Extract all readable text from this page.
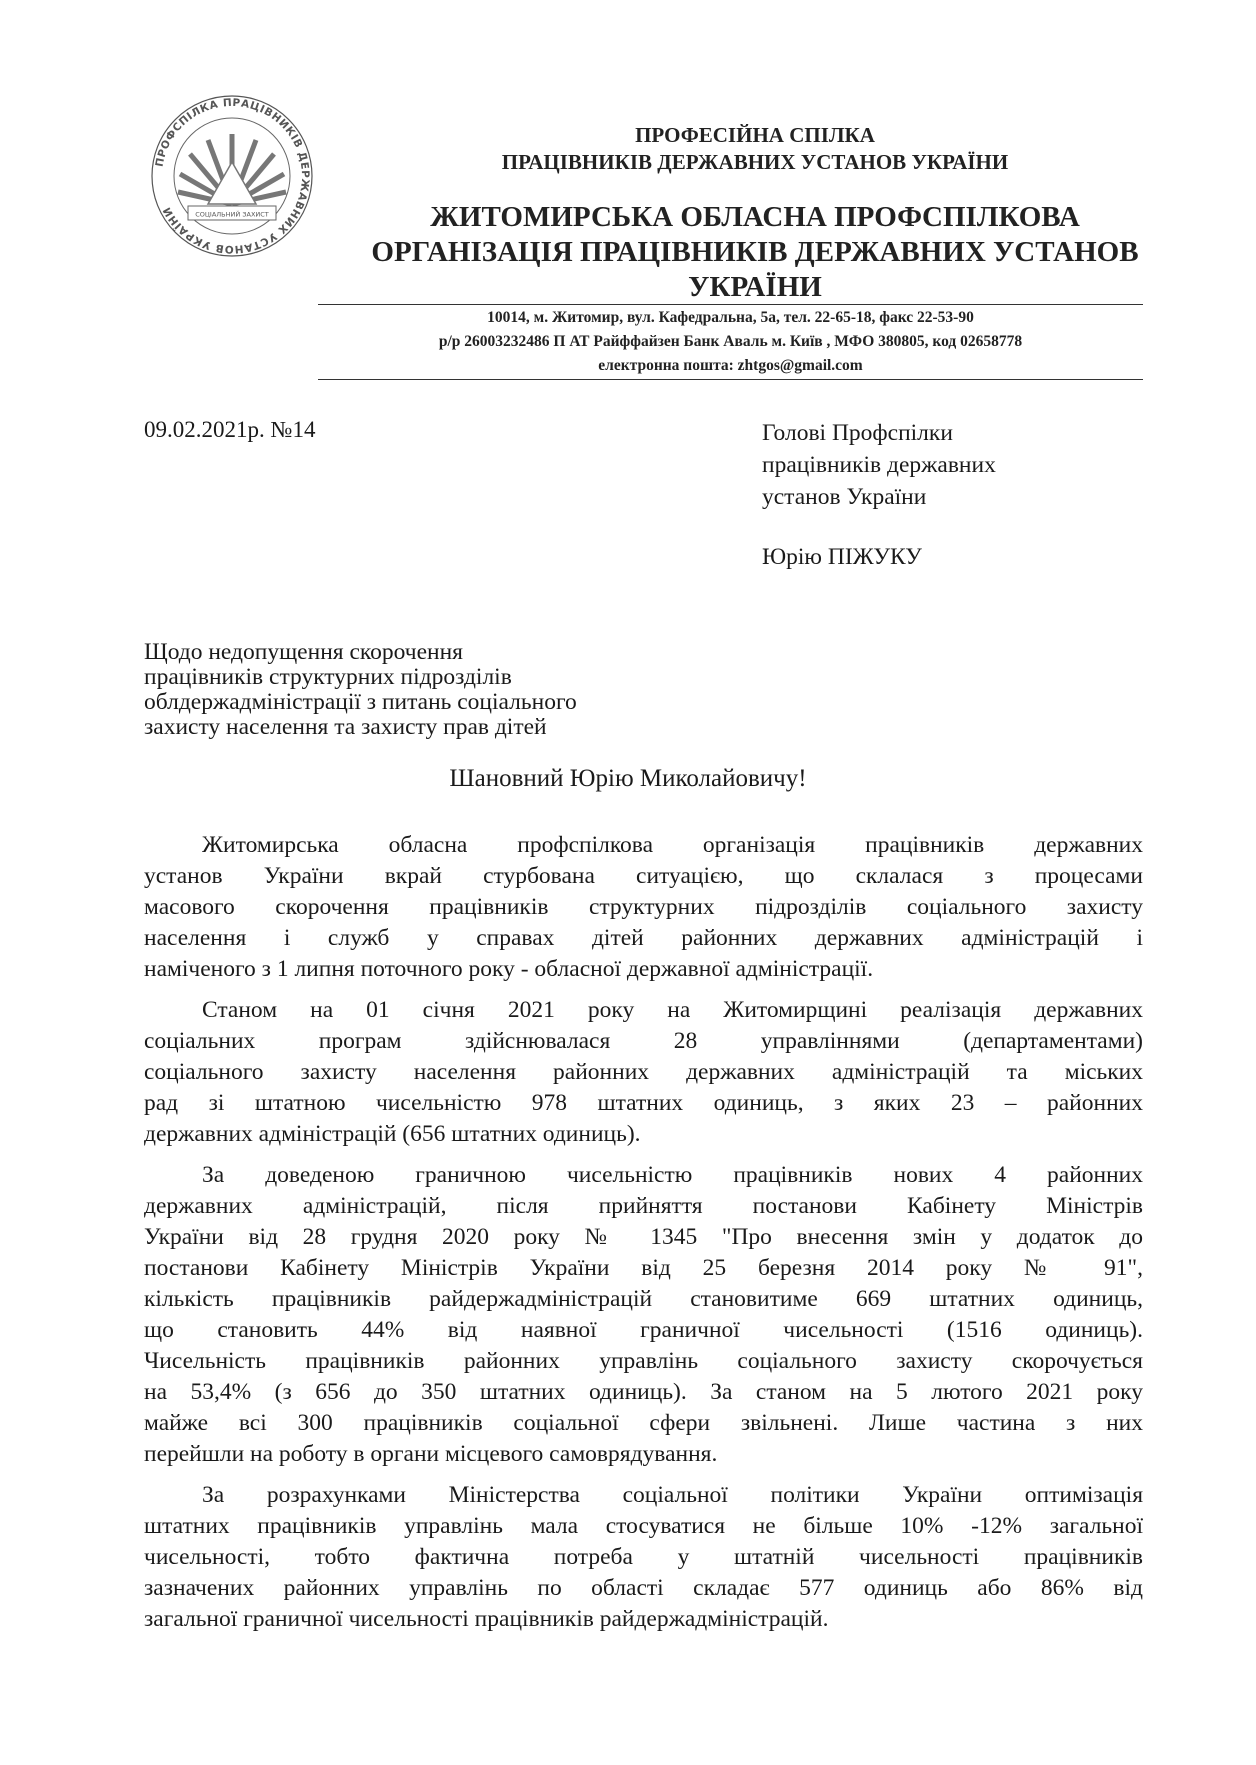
ПРОФСПІЛКА ПРАЦІВНИКІВ ДЕРЖАВНИХ УСТАНОВ УКРАЇНИ	СОЦІАЛЬНИЙ ЗАХИСТ
ПРОФЕСІЙНА СПІЛКА
ПРАЦІВНИКІВ ДЕРЖАВНИХ УСТАНОВ УКРАЇНИ
ЖИТОМИРСЬКА ОБЛАСНА ПРОФСПІЛКОВА
ОРГАНІЗАЦІЯ ПРАЦІВНИКІВ ДЕРЖАВНИХ УСТАНОВ
УКРАЇНИ
10014, м. Житомир, вул. Кафедральна, 5а, тел. 22-65-18, факс 22-53-90
р/р 26003232486 П АТ Райффайзен Банк Аваль м. Київ , МФО 380805, код 02658778
електронна пошта: zhtgos@gmail.com
09.02.2021р. №14	Голові Профспілки
працівників державних
установ України
Юрію ПІЖУКУ
Щодо недопущення скорочення
працівників структурних підрозділів
облдержадміністрації з питань соціального
захисту населення та захисту прав дітей
Шановний Юрію Миколайовичу!
Житомирська обласна профспілкова організація працівників державних
установ України вкрай стурбована ситуацією, що склалася з процесами
масового скорочення працівників структурних підрозділів соціального захисту
населення і служб у справах дітей районних державних адміністрацій і
наміченого з 1 липня поточного року - обласної державної адміністрації.
Станом на 01 січня 2021 року на Житомирщині реалізація державних
соціальних програм здійснювалася 28 управліннями (департаментами)
соціального захисту населення районних державних адміністрацій та міських
рад зі штатною чисельністю 978 штатних одиниць, з яких 23 – районних
державних адміністрацій (656 штатних одиниць).
За доведеною граничною чисельністю працівників нових 4 районних
державних адміністрацій, після прийняття постанови Кабінету Міністрів
України від 28 грудня 2020 року № 1345 "Про внесення змін у додаток до
постанови Кабінету Міністрів України від 25 березня 2014 року № 91",
кількість працівників райдержадміністрацій становитиме 669 штатних одиниць,
що становить 44% від наявної граничної чисельності (1516 одиниць).
Чисельність працівників районних управлінь соціального захисту скорочується
на 53,4% (з 656 до 350 штатних одиниць). За станом на 5 лютого 2021 року
майже всі 300 працівників соціальної сфери звільнені. Лише частина з них
перейшли на роботу в органи місцевого самоврядування.
За розрахунками Міністерства соціальної політики України оптимізація
штатних працівників управлінь мала стосуватися не більше 10% -12% загальної
чисельності, тобто фактична потреба у штатній чисельності працівників
зазначених районних управлінь по області складає 577 одиниць або 86% від
загальної граничної чисельності працівників райдержадміністрацій.
